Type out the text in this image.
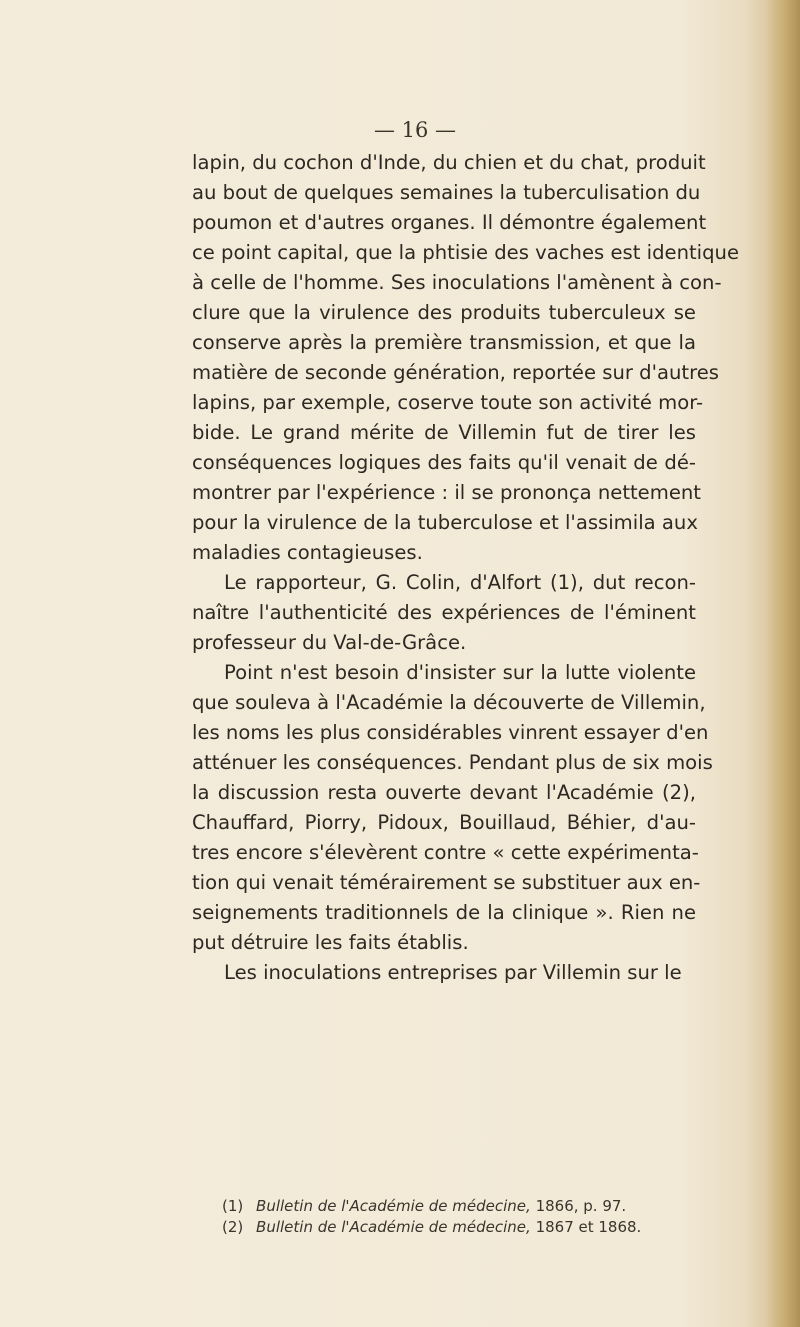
— 16 —
lapin, du cochon d'Inde, du chien et du chat, produit
au bout de quelques semaines la tuberculisation du
poumon et d'autres organes. Il démontre également
ce point capital, que la phtisie des vaches est identique
à celle de l'homme. Ses inoculations l'amènent à con-
clure que la virulence des produits tuberculeux se
conserve après la première transmission, et que la
matière de seconde génération, reportée sur d'autres
lapins, par exemple, coserve toute son activité mor-
bide. Le grand mérite de Villemin fut de tirer les
conséquences logiques des faits qu'il venait de dé-
montrer par l'expérience : il se prononça nettement
pour la virulence de la tuberculose et l'assimila aux
maladies contagieuses.
Le rapporteur, G. Colin, d'Alfort (1), dut recon-
naître l'authenticité des expériences de l'éminent
professeur du Val-de-Grâce.
Point n'est besoin d'insister sur la lutte violente
que souleva à l'Académie la découverte de Villemin,
les noms les plus considérables vinrent essayer d'en
atténuer les conséquences. Pendant plus de six mois
la discussion resta ouverte devant l'Académie (2),
Chauffard, Piorry, Pidoux, Bouillaud, Béhier, d'au-
tres encore s'élevèrent contre « cette expérimenta-
tion qui venait témérairement se substituer aux en-
seignements traditionnels de la clinique ». Rien ne
put détruire les faits établis.
Les inoculations entreprises par Villemin sur le
(1) Bulletin de l'Académie de médecine, 1866, p. 97.
(2) Bulletin de l'Académie de médecine, 1867 et 1868.
